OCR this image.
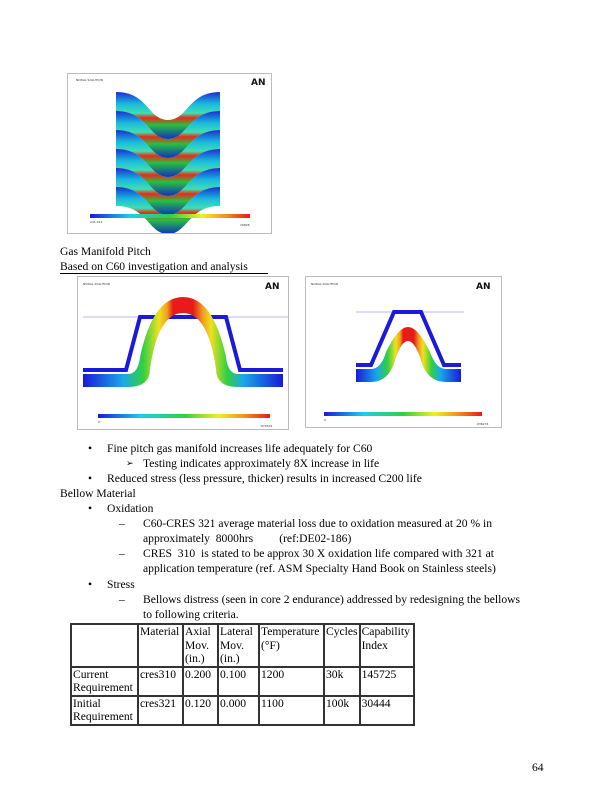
NODAL SOLUTION	AN
241.012
20828
Gas Manifold Pitch
Based on C60 investigation and analysis
NODAL SOLUTION	AN
0
.070322
NODAL SOLUTION	AN
0
.036274
• Fine pitch gas manifold increases life adequately for C60
➢ Testing indicates approximately 8X increase in life
• Reduced stress (less pressure, thicker) results in increased C200 life
Bellow Material
• Oxidation
– C60-CRES 321 average material loss due to oxidation measured at 20 % in
approximately  8000hrs         (ref:DE02-186)
– CRES  310  is stated to be approx 30 X oxidation life compared with 321 at
application temperature (ref. ASM Specialty Hand Book on Stainless steels)
• Stress
– Bellows distress (seen in core 2 endurance) addressed by redesigning the bellows
to following criteria.
	Material	Axial Mov. (in.)	Lateral Mov. (in.)	Temperature (°F)	Cycles	Capability Index
Current Requirement	cres310	0.200	0.100	1200	30k	145725
Initial Requirement	cres321	0.120	0.000	1100	100k	30444
64
